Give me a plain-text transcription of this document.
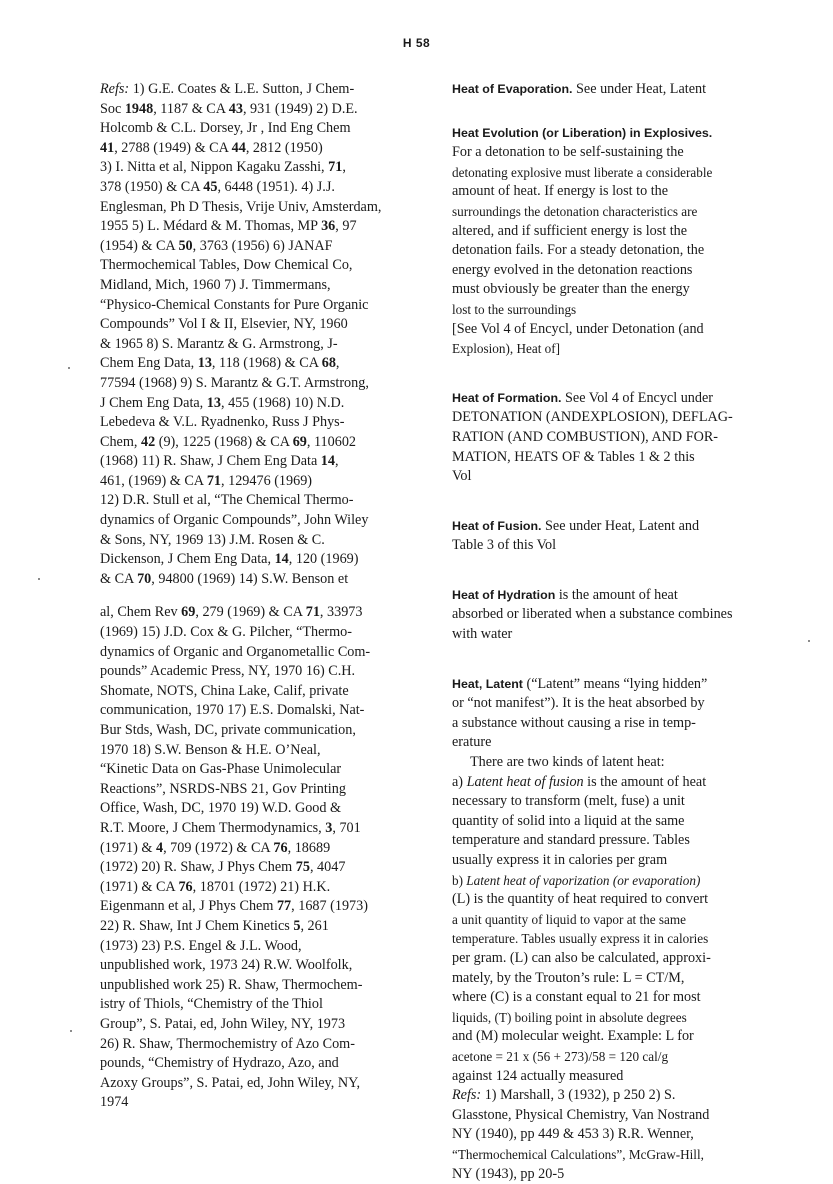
H 58
Refs: 1) G.E. Coates & L.E. Sutton, J Chem-
Soc 1948, 1187 & CA 43, 931 (1949) 2) D.E.
Holcomb & C.L. Dorsey, Jr , Ind Eng Chem
41, 2788 (1949) & CA 44, 2812 (1950)
3) I. Nitta et al, Nippon Kagaku Zasshi, 71,
378 (1950) & CA 45, 6448 (1951). 4) J.J.
Englesman, Ph D Thesis, Vrije Univ, Amsterdam,
1955 5) L. Médard & M. Thomas, MP 36, 97
(1954) & CA 50, 3763 (1956) 6) JANAF
Thermochemical Tables, Dow Chemical Co,
Midland, Mich, 1960 7) J. Timmermans,
“Physico-Chemical Constants for Pure Organic
Compounds” Vol I & II, Elsevier, NY, 1960
& 1965 8) S. Marantz & G. Armstrong, J-
Chem Eng Data, 13, 118 (1968) & CA 68,
77594 (1968) 9) S. Marantz & G.T. Armstrong,
J Chem Eng Data, 13, 455 (1968) 10) N.D.
Lebedeva & V.L. Ryadnenko, Russ J Phys-
Chem, 42 (9), 1225 (1968) & CA 69, 110602
(1968) 11) R. Shaw, J Chem Eng Data 14,
461, (1969) & CA 71, 129476 (1969)
12) D.R. Stull et al, “The Chemical Thermo-
dynamics of Organic Compounds”, John Wiley
& Sons, NY, 1969 13) J.M. Rosen & C.
Dickenson, J Chem Eng Data, 14, 120 (1969)
& CA 70, 94800 (1969) 14) S.W. Benson et
al, Chem Rev 69, 279 (1969) & CA 71, 33973
(1969) 15) J.D. Cox & G. Pilcher, “Thermo-
dynamics of Organic and Organometallic Com-
pounds” Academic Press, NY, 1970 16) C.H.
Shomate, NOTS, China Lake, Calif, private
communication, 1970 17) E.S. Domalski, Nat-
Bur Stds, Wash, DC, private communication,
1970 18) S.W. Benson & H.E. O’Neal,
“Kinetic Data on Gas-Phase Unimolecular
Reactions”, NSRDS-NBS 21, Gov Printing
Office, Wash, DC, 1970 19) W.D. Good &
R.T. Moore, J Chem Thermodynamics, 3, 701
(1971) & 4, 709 (1972) & CA 76, 18689
(1972) 20) R. Shaw, J Phys Chem 75, 4047
(1971) & CA 76, 18701 (1972) 21) H.K.
Eigenmann et al, J Phys Chem 77, 1687 (1973)
22) R. Shaw, Int J Chem Kinetics 5, 261
(1973) 23) P.S. Engel & J.L. Wood,
unpublished work, 1973 24) R.W. Woolfolk,
unpublished work 25) R. Shaw, Thermochem-
istry of Thiols, “Chemistry of the Thiol
Group”, S. Patai, ed, John Wiley, NY, 1973
26) R. Shaw, Thermochemistry of Azo Com-
pounds, “Chemistry of Hydrazo, Azo, and
Azoxy Groups”, S. Patai, ed, John Wiley, NY,
1974
Heat of Evaporation. See under Heat, Latent
Heat Evolution (or Liberation) in Explosives.
For a detonation to be self-sustaining the
detonating explosive must liberate a considerable
amount of heat. If energy is lost to the
surroundings the detonation characteristics are
altered, and if sufficient energy is lost the
detonation fails. For a steady detonation, the
energy evolved in the detonation reactions
must obviously be greater than the energy
lost to the surroundings
[See Vol 4 of Encycl, under Detonation (and
Explosion), Heat of]
Heat of Formation. See Vol 4 of Encycl under
DETONATION (ANDEXPLOSION), DEFLAG-
RATION (AND COMBUSTION), AND FOR-
MATION, HEATS OF & Tables 1 & 2 this
Vol
Heat of Fusion. See under Heat, Latent and
Table 3 of this Vol
Heat of Hydration is the amount of heat
absorbed or liberated when a substance combines
with water
Heat, Latent (“Latent” means “lying hidden”
or “not manifest”). It is the heat absorbed by
a substance without causing a rise in temp-
erature
There are two kinds of latent heat:
a) Latent heat of fusion is the amount of heat
necessary to transform (melt, fuse) a unit
quantity of solid into a liquid at the same
temperature and standard pressure. Tables
usually express it in calories per gram
b) Latent heat of vaporization (or evaporation)
(L) is the quantity of heat required to convert
a unit quantity of liquid to vapor at the same
temperature. Tables usually express it in calories
per gram. (L) can also be calculated, approxi-
mately, by the Trouton’s rule: L = CT/M,
where (C) is a constant equal to 21 for most
liquids, (T) boiling point in absolute degrees
and (M) molecular weight. Example: L for
acetone = 21 x (56 + 273)/58 = 120 cal/g
against 124 actually measured
Refs: 1) Marshall, 3 (1932), p 250 2) S.
Glasstone, Physical Chemistry, Van Nostrand
NY (1940), pp 449 & 453 3) R.R. Wenner,
“Thermochemical Calculations”, McGraw-Hill,
NY (1943), pp 20-5
